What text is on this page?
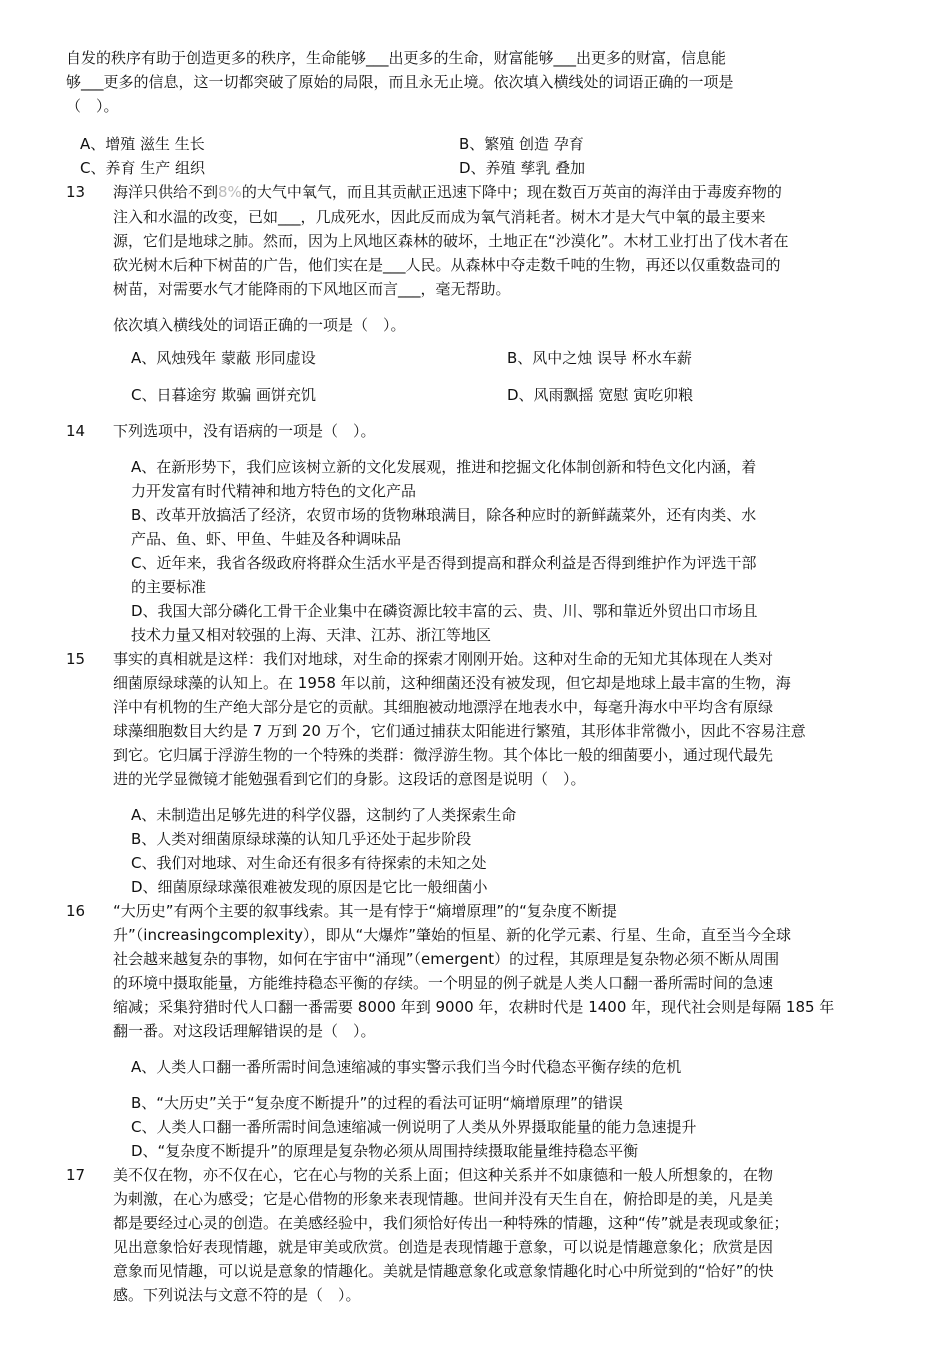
自发的秩序有助于创造更多的秩序，生命能够___出更多的生命，财富能够___出更多的财富，信息能
够___更多的信息，这一切都突破了原始的局限，而且永无止境。依次填入横线处的词语正确的一项是
（　）。
A、增殖 滋生 生长	B、繁殖 创造 孕育
C、养育 生产 组织	D、养殖 孳乳 叠加
13 海洋只供给不到8%的大气中氧气，而且其贡献正迅速下降中；现在数百万英亩的海洋由于毒废弃物的
注入和水温的改变，已如___，几成死水，因此反而成为氧气消耗者。树木才是大气中氧的最主要来
源，它们是地球之肺。然而，因为上风地区森林的破坏，土地正在“沙漠化”。木材工业打出了伐木者在
砍光树木后种下树苗的广告，他们实在是___人民。从森林中夺走数千吨的生物，再还以仅重数盎司的
树苗，对需要水气才能降雨的下风地区而言___，毫无帮助。
依次填入横线处的词语正确的一项是（　）。
A、风烛残年 蒙蔽 形同虚设	B、风中之烛 误导 杯水车薪
C、日暮途穷 欺骗 画饼充饥	D、风雨飘摇 宽慰 寅吃卯粮
14 下列选项中，没有语病的一项是（　）。
A、在新形势下，我们应该树立新的文化发展观，推进和挖掘文化体制创新和特色文化内涵，着
力开发富有时代精神和地方特色的文化产品
B、改革开放搞活了经济，农贸市场的货物琳琅满目，除各种应时的新鲜蔬菜外，还有肉类、水
产品、鱼、虾、甲鱼、牛蛙及各种调味品
C、近年来，我省各级政府将群众生活水平是否得到提高和群众利益是否得到维护作为评选干部
的主要标准
D、我国大部分磷化工骨干企业集中在磷资源比较丰富的云、贵、川、鄂和靠近外贸出口市场且
技术力量又相对较强的上海、天津、江苏、浙江等地区
15 事实的真相就是这样：我们对地球，对生命的探索才刚刚开始。这种对生命的无知尤其体现在人类对
细菌原绿球藻的认知上。在 1958 年以前，这种细菌还没有被发现，但它却是地球上最丰富的生物，海
洋中有机物的生产绝大部分是它的贡献。其细胞被动地漂浮在地表水中，每毫升海水中平均含有原绿
球藻细胞数目大约是 7 万到 20 万个，它们通过捕获太阳能进行繁殖，其形体非常微小，因此不容易注意
到它。它归属于浮游生物的一个特殊的类群：微浮游生物。其个体比一般的细菌要小，通过现代最先
进的光学显微镜才能勉强看到它们的身影。这段话的意图是说明（　）。
A、未制造出足够先进的科学仪器，这制约了人类探索生命
B、人类对细菌原绿球藻的认知几乎还处于起步阶段
C、我们对地球、对生命还有很多有待探索的未知之处
D、细菌原绿球藻很难被发现的原因是它比一般细菌小
16 “大历史”有两个主要的叙事线索。其一是有悖于“熵增原理”的“复杂度不断提
升”（increasingcomplexity），即从“大爆炸”肇始的恒星、新的化学元素、行星、生命，直至当今全球
社会越来越复杂的事物，如何在宇宙中“涌现”（emergent）的过程，其原理是复杂物必须不断从周围
的环境中摄取能量，方能维持稳态平衡的存续。一个明显的例子就是人类人口翻一番所需时间的急速
缩减；采集狩猎时代人口翻一番需要 8000 年到 9000 年，农耕时代是 1400 年，现代社会则是每隔 185 年
翻一番。对这段话理解错误的是（　）。
A、人类人口翻一番所需时间急速缩减的事实警示我们当今时代稳态平衡存续的危机
B、“大历史”关于“复杂度不断提升”的过程的看法可证明“熵增原理”的错误
C、人类人口翻一番所需时间急速缩减一例说明了人类从外界摄取能量的能力急速提升
D、“复杂度不断提升”的原理是复杂物必须从周围持续摄取能量维持稳态平衡
17 美不仅在物，亦不仅在心，它在心与物的关系上面；但这种关系并不如康德和一般人所想象的，在物
为刺激，在心为感受；它是心借物的形象来表现情趣。世间并没有天生自在，俯拾即是的美，凡是美
都是要经过心灵的创造。在美感经验中，我们须恰好传出一种特殊的情趣，这种“传”就是表现或象征；
见出意象恰好表现情趣，就是审美或欣赏。创造是表现情趣于意象，可以说是情趣意象化；欣赏是因
意象而见情趣，可以说是意象的情趣化。美就是情趣意象化或意象情趣化时心中所觉到的“恰好”的快
感。下列说法与文意不符的是（　）。
